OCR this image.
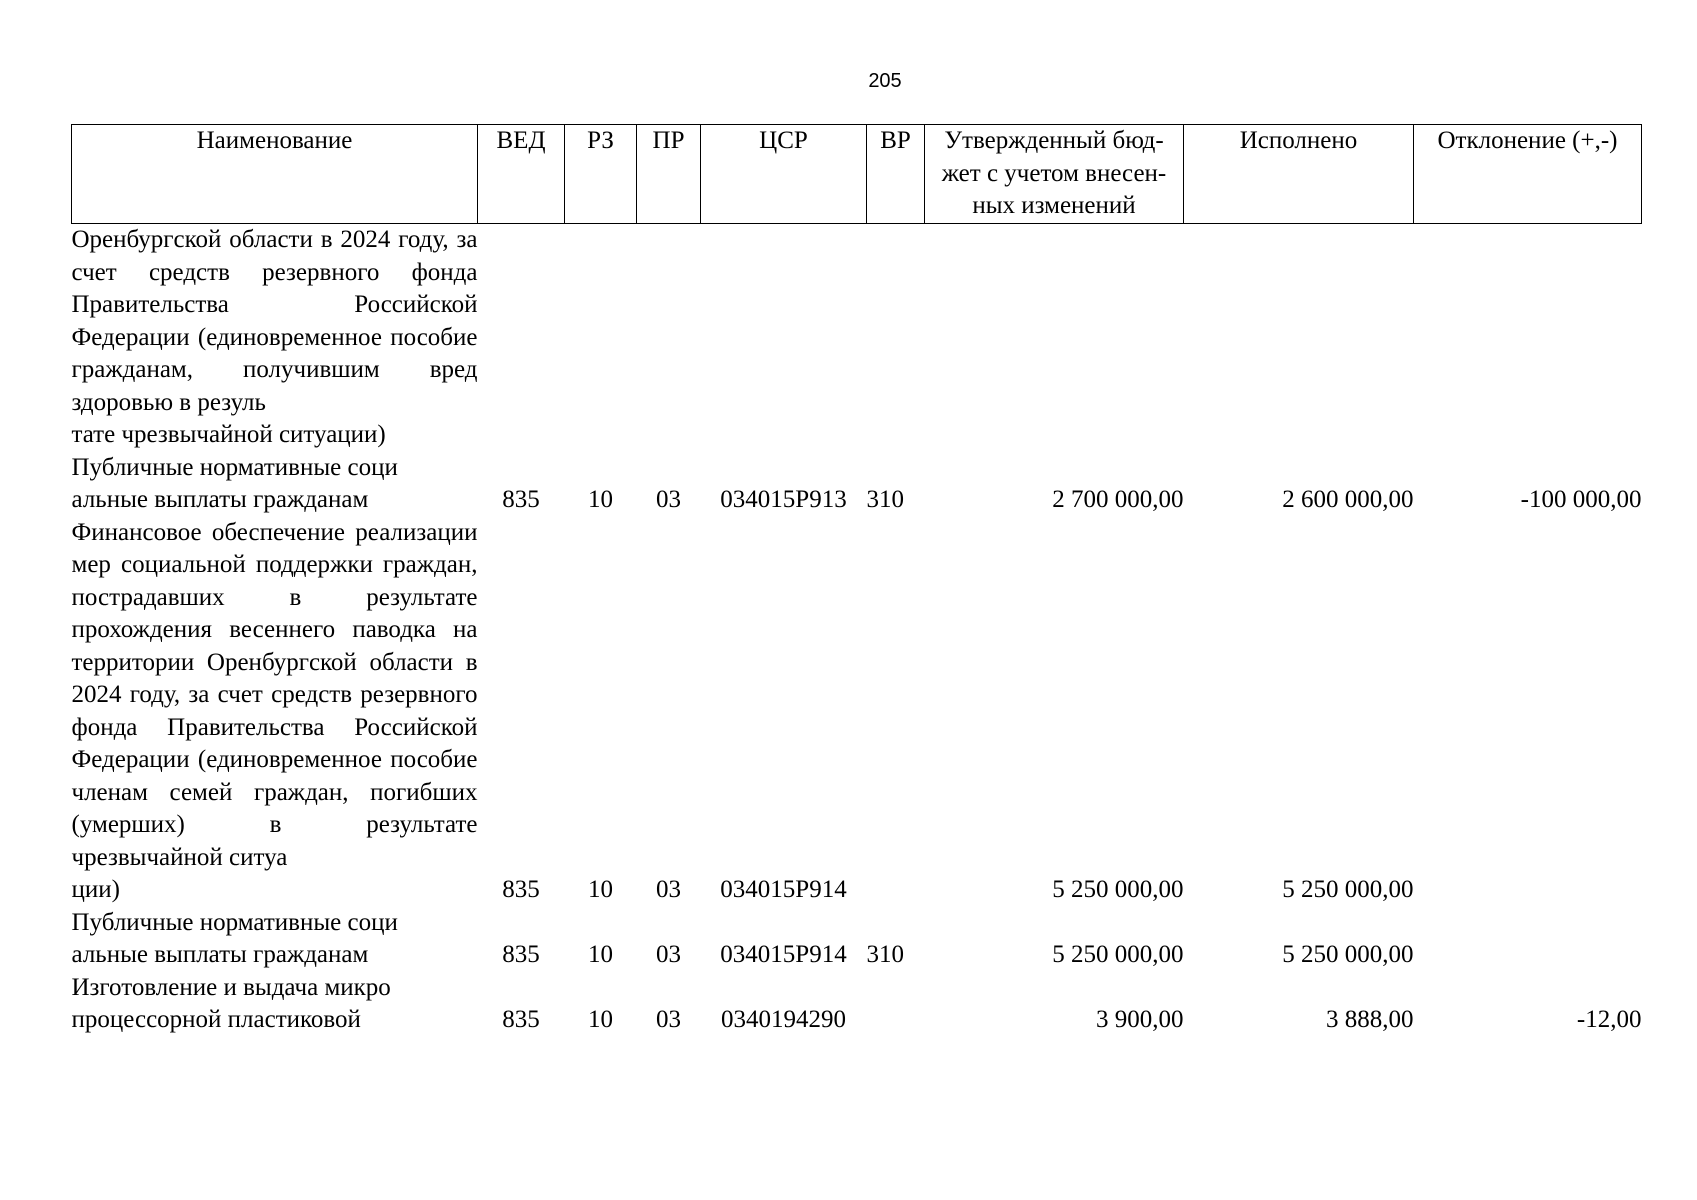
205
Наименование	ВЕД	РЗ	ПР	ЦСР	ВР	Утвержденный бюд-
жет с учетом внесен-
ных изменений	Исполнено	Отклонение (+,-)
Оренбургской области в 2024 году, за счет средств резервного фонда Правительства Российской Федерации (единовременное пособие гражданам, получившим вред здоровью в резуль
тате чрезвычайной ситуации)								

Публичные нормативные соци
альные выплаты гражданам	835	10	03	034015P913	310	2 700 000,00	2 600 000,00	-100 000,00
Финансовое обеспечение реализации мер социальной поддержки граждан, пострадавших в результате прохождения весеннего паводка на территории Оренбургской области в 2024 году, за счет средств резервного фонда Правительства Российской Федерации (единовременное пособие членам семей граждан, погибших (умерших) в результате чрезвычайной ситуа
ции)	835	10	03	034015P914		5 250 000,00	5 250 000,00	
Публичные нормативные соци
альные выплаты гражданам	835	10	03	034015P914	310	5 250 000,00	5 250 000,00	
Изготовление и выдача микро
процессорной пластиковой	835	10	03	0340194290		3 900,00	3 888,00	-12,00
